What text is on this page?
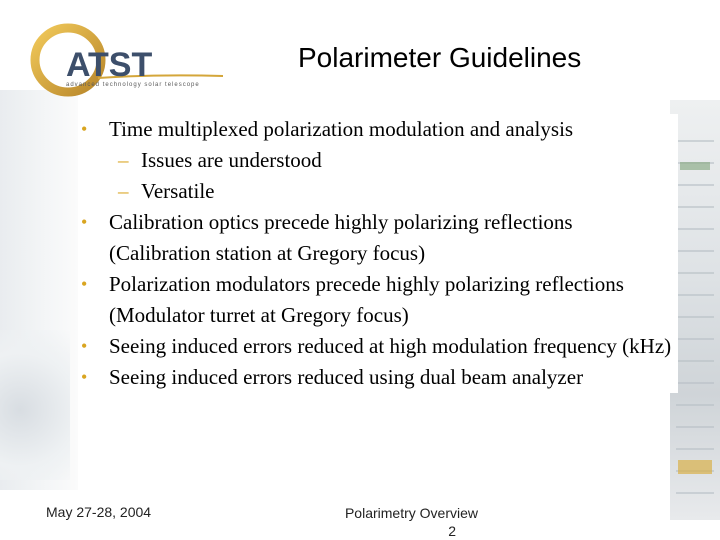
ATST
advanced technology solar telescope
Polarimeter Guidelines
• Time multiplexed polarization modulation and analysis
– Issues are understood
– Versatile
• Calibration optics precede highly polarizing reflections (Calibration station at Gregory focus)
• Polarization modulators precede highly polarizing reflections (Modulator turret at Gregory focus)
• Seeing induced errors reduced at high modulation frequency (kHz)
• Seeing induced errors reduced using dual beam analyzer
May 27-28, 2004	Polarimetry Overview
2
